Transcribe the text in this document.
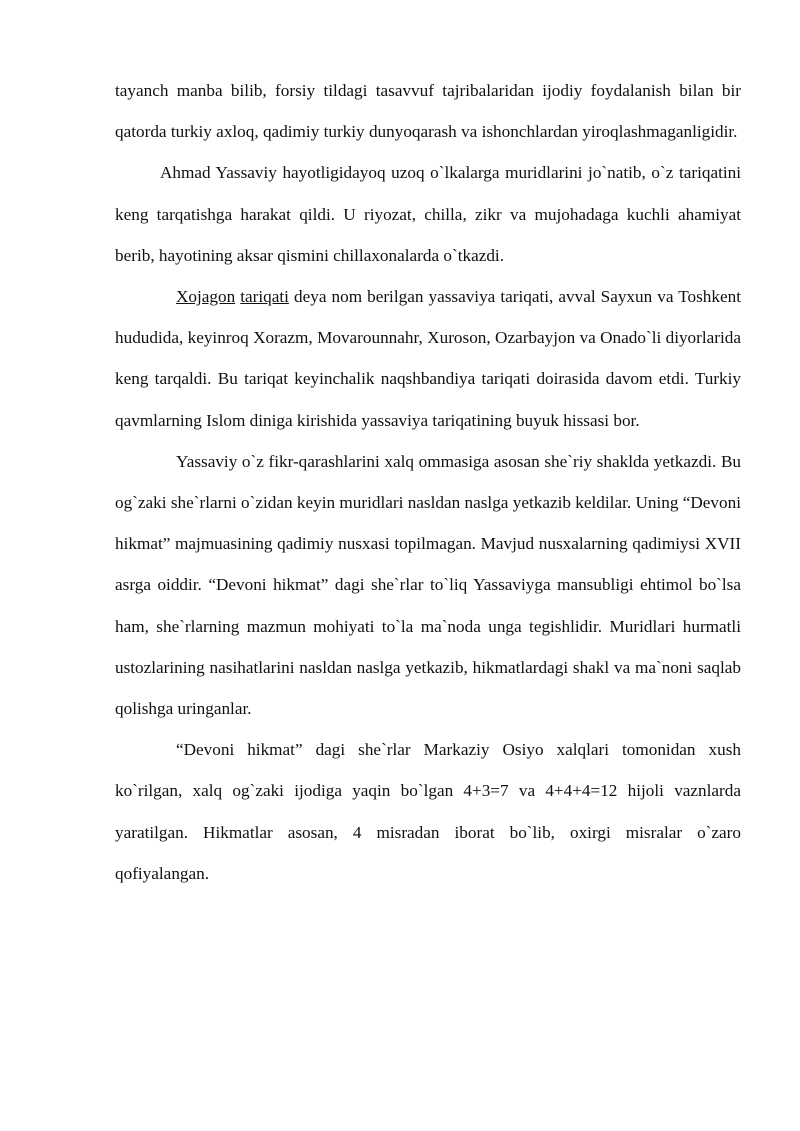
tayanch manba bilib, forsiy tildagi tasavvuf tajribalaridan ijodiy foydalanish bilan bir qatorda turkiy axloq, qadimiy turkiy dunyoqarash va ishonchlardan yiroqlashmaganligidir.

Ahmad Yassaviy hayotligidayoq uzoq o`lkalarga muridlarini jo`natib, o`z tariqatini keng tarqatishga harakat qildi. U riyozat, chilla, zikr va mujohadaga kuchli ahamiyat berib, hayotining aksar qismini chillaxonalarda o`tkazdi.

Xojagon tariqati deya nom berilgan yassaviya tariqati, avval Sayxun va Toshkent hududida, keyinroq Xorazm, Movarounnahr, Xuroson, Ozarbayjon va Onado`li diyorlarida keng tarqaldi. Bu tariqat keyinchalik naqshbandiya tariqati doirasida davom etdi. Turkiy qavmlarning Islom diniga kirishida yassaviya tariqatining buyuk hissasi bor.

Yassaviy o`z fikr-qarashlarini xalq ommasiga asosan she`riy shaklda yetkazdi. Bu og`zaki she`rlarni o`zidan keyin muridlari nasldan naslga yetkazib keldilar. Uning “Devoni hikmat” majmuasining qadimiy nusxasi topilmagan. Mavjud nusxalarning qadimiysi XVII asrga oiddir. “Devoni hikmat” dagi she`rlar to`liq Yassaviyga mansubligi ehtimol bo`lsa ham, she`rlarning mazmun mohiyati to`la ma`noda unga tegishlidir. Muridlari hurmatli ustozlarining nasihatlarini nasldan naslga yetkazib, hikmatlardagi shakl va ma`noni saqlab qolishga uringanlar.

“Devoni hikmat” dagi she`rlar Markaziy Osiyo xalqlari tomonidan xush ko`rilgan, xalq og`zaki ijodiga yaqin bo`lgan 4+3=7 va 4+4+4=12 hijoli vaznlarda yaratilgan. Hikmatlar asosan, 4 misradan iborat bo`lib, oxirgi misralar o`zaro qofiyalangan.
